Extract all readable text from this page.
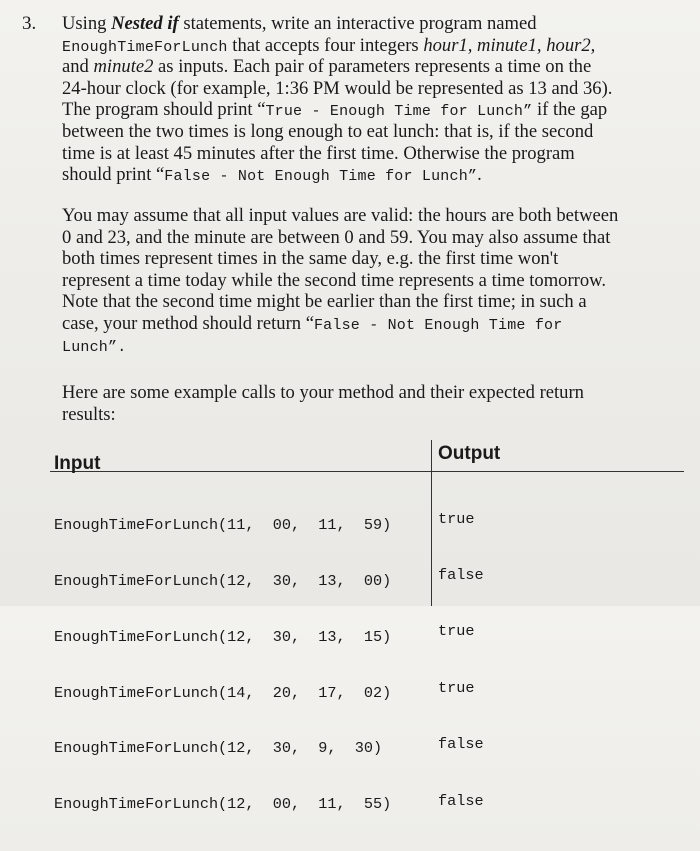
3. Using Nested if statements, write an interactive program named
EnoughTimeForLunch that accepts four integers hour1, minute1, hour2,
and minute2 as inputs. Each pair of parameters represents a time on the
24-hour clock (for example, 1:36 PM would be represented as 13 and 36).
The program should print “True - Enough Time for Lunch” if the gap
between the two times is long enough to eat lunch: that is, if the second
time is at least 45 minutes after the first time. Otherwise the program
should print “False - Not Enough Time for Lunch”.
You may assume that all input values are valid: the hours are both between
0 and 23, and the minute are between 0 and 59. You may also assume that
both times represent times in the same day, e.g. the first time won't
represent a time today while the second time represents a time tomorrow.
Note that the second time might be earlier than the first time; in such a
case, your method should return “False - Not Enough Time for
Lunch”.
Here are some example calls to your method and their expected return
results:
Input	Output

EnoughTimeForLunch(11,  00,  11,  59)

EnoughTimeForLunch(12,  30,  13,  00)

EnoughTimeForLunch(12,  30,  13,  15)

EnoughTimeForLunch(14,  20,  17,  02)

EnoughTimeForLunch(12,  30,  9,  30)

EnoughTimeForLunch(12,  00,  11,  55)

true

false

true

true

false

false
